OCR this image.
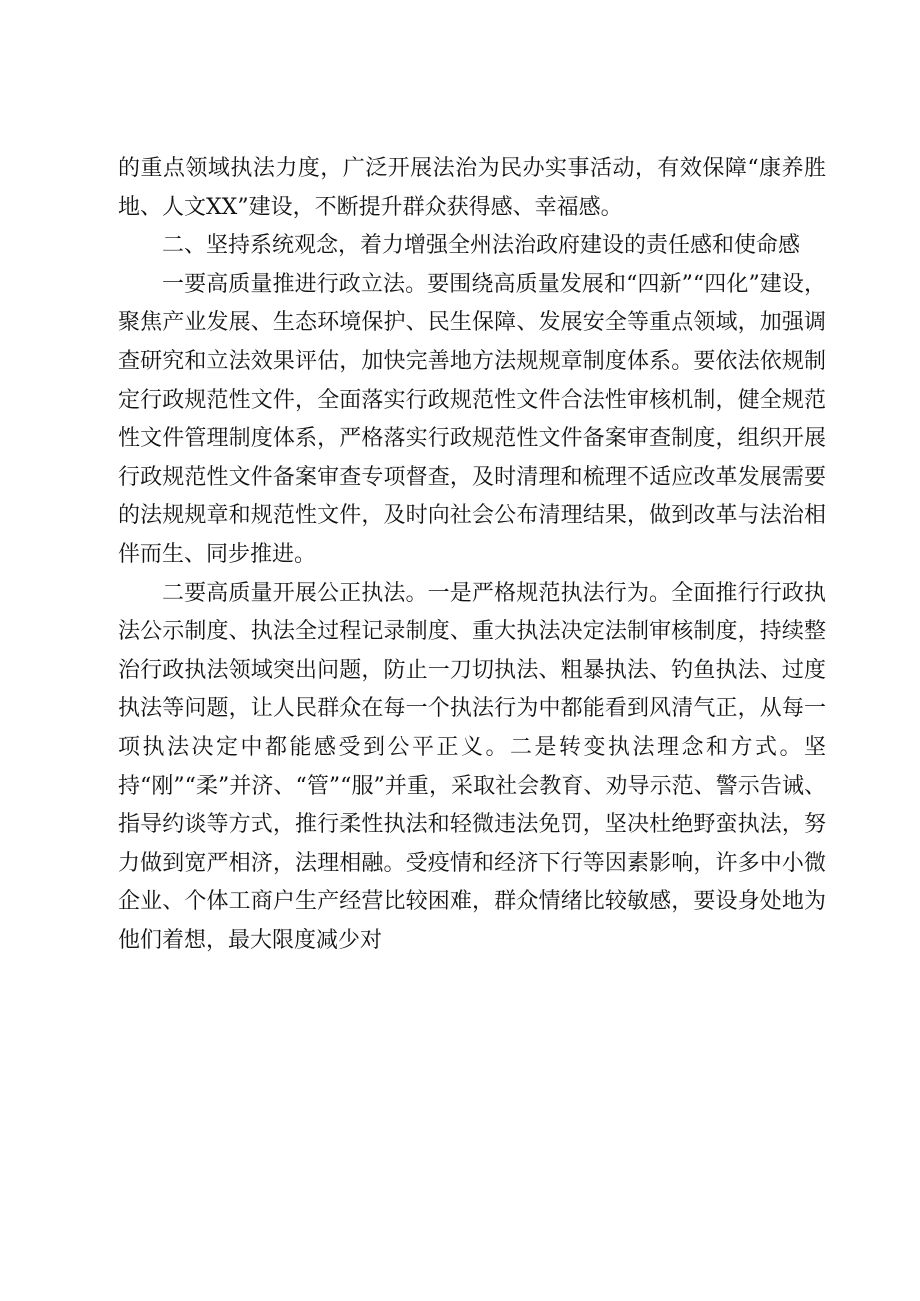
的重点领域执法力度，广泛开展法治为民办实事活动，有效保障“康养胜地、人文XX”建设，不断提升群众获得感、幸福感。

二、坚持系统观念，着力增强全州法治政府建设的责任感和使命感

一要高质量推进行政立法。要围绕高质量发展和“四新”“四化”建设，聚焦产业发展、生态环境保护、民生保障、发展安全等重点领域，加强调查研究和立法效果评估，加快完善地方法规规章制度体系。要依法依规制定行政规范性文件，全面落实行政规范性文件合法性审核机制，健全规范性文件管理制度体系，严格落实行政规范性文件备案审查制度，组织开展行政规范性文件备案审查专项督查，及时清理和梳理不适应改革发展需要的法规规章和规范性文件，及时向社会公布清理结果，做到改革与法治相伴而生、同步推进。

二要高质量开展公正执法。一是严格规范执法行为。全面推行行政执法公示制度、执法全过程记录制度、重大执法决定法制审核制度，持续整治行政执法领域突出问题，防止一刀切执法、粗暴执法、钓鱼执法、过度执法等问题，让人民群众在每一个执法行为中都能看到风清气正，从每一项执法决定中都能感受到公平正义。二是转变执法理念和方式。坚持“刚”“柔”并济、“管”“服”并重，采取社会教育、劝导示范、警示告诫、指导约谈等方式，推行柔性执法和轻微违法免罚，坚决杜绝野蛮执法，努力做到宽严相济，法理相融。受疫情和经济下行等因素影响，许多中小微企业、个体工商户生产经营比较困难，群众情绪比较敏感，要设身处地为他们着想，最大限度减少对
